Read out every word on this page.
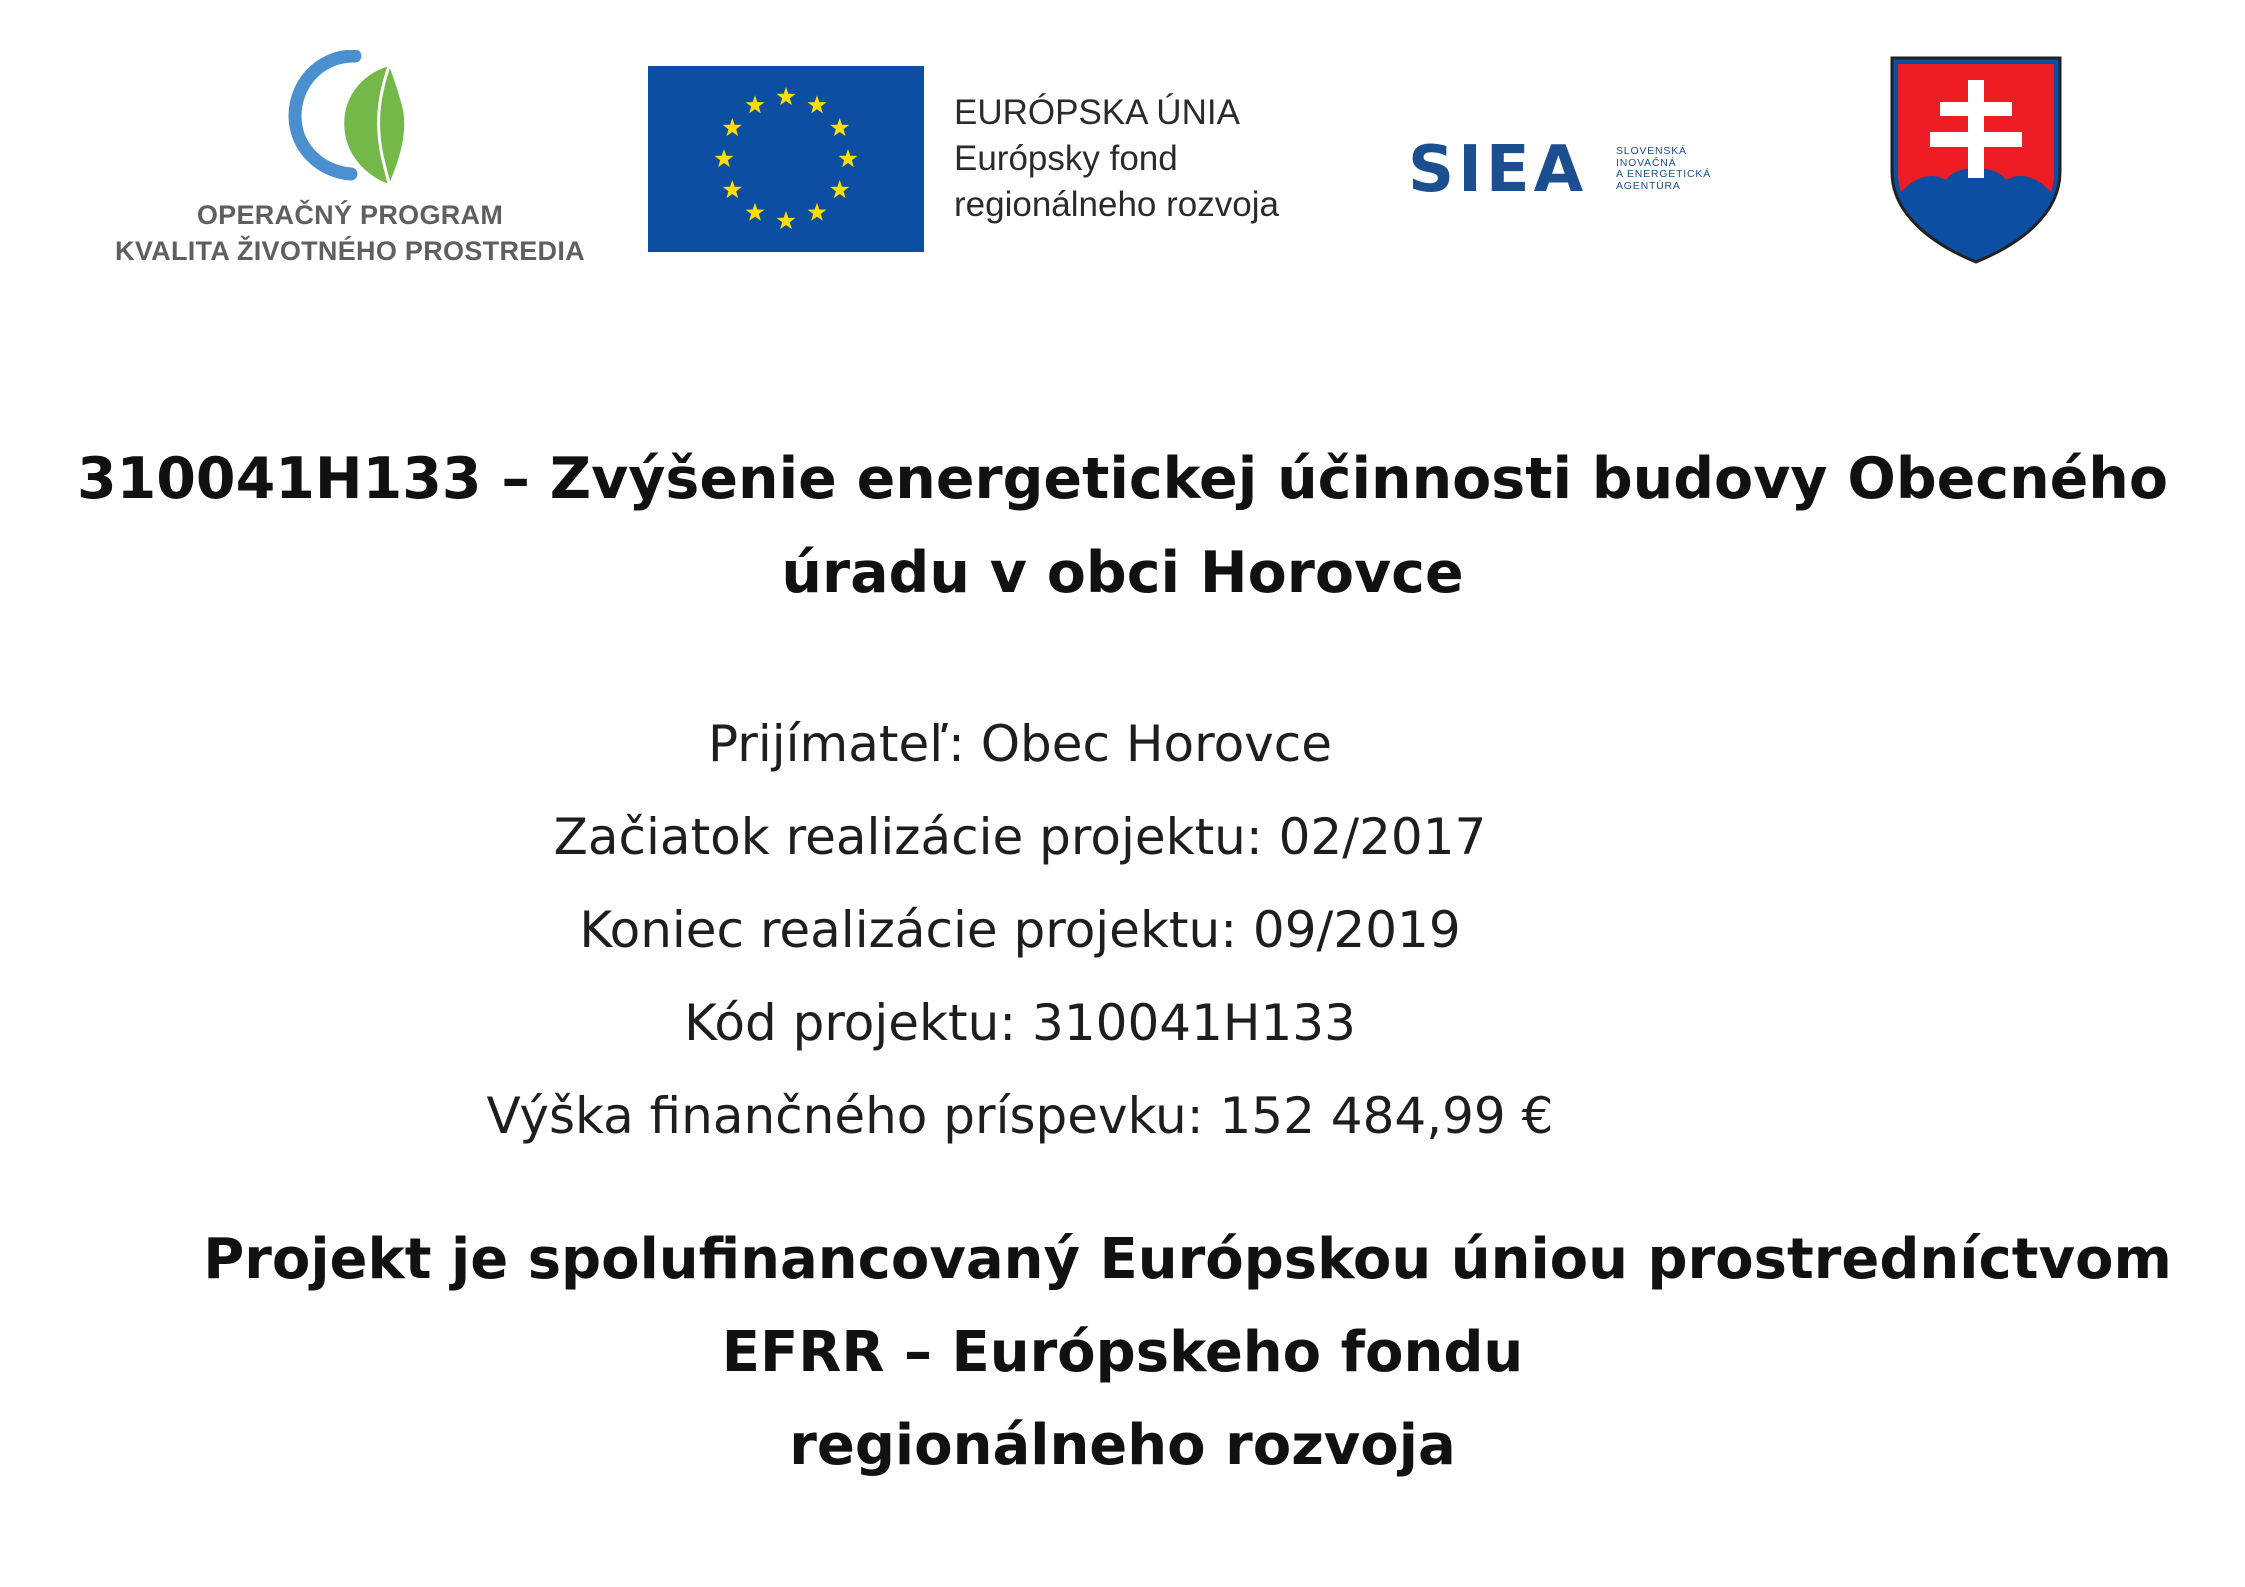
OPERAČNÝ PROGRAM
KVALITA ŽIVOTNÉHO PROSTREDIA
EURÓPSKA ÚNIA
Európsky fond
regionálneho rozvoja SIEA	SLOVENSKÁ
INOVAČNÁ
A ENERGETICKÁ
AGENTÚRA
310041H133 – Zvýšenie energetickej účinnosti budovy Obecného
úradu v obci Horovce
Prijímateľ: Obec Horovce
Začiatok realizácie projektu: 02/2017
Koniec realizácie projektu: 09/2019
Kód projektu: 310041H133
Výška finančného príspevku: 152 484,99 €
Projekt je spolufinancovaný Európskou úniou prostredníctvom
EFRR – Európskeho fondu
regionálneho rozvoja
